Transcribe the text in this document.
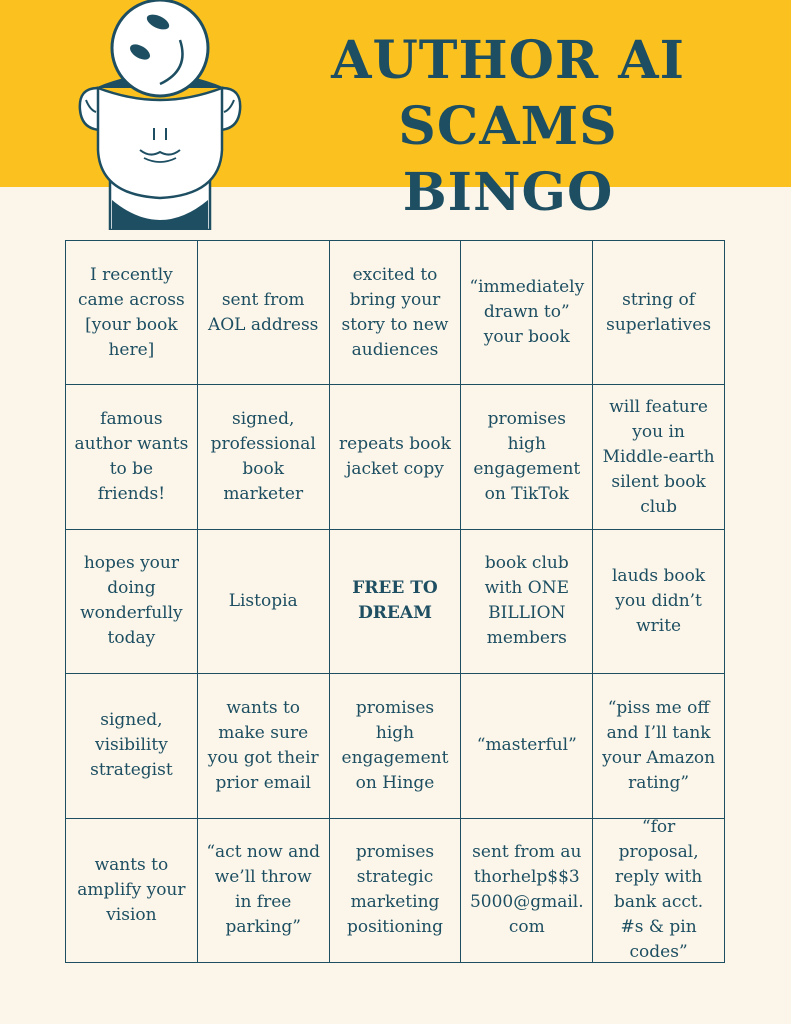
AUTHOR AI SCAMS
BINGO
I recently came across [your book here]
sent from AOL address
excited to bring your story to new audiences
“immediately drawn to” your book
string of superlatives
famous author wants to be friends!
signed, professional book marketer
repeats book jacket copy
promises high engagement on TikTok
will feature you in Middle-earth silent book club
hopes your doing wonderfully today
Listopia
FREE TO DREAM
book club with ONE BILLION members
lauds book you didn’t write
signed, visibility strategist
wants to make sure you got their prior email
promises high engagement on Hinge
“masterful”
“piss me off and I’ll tank your Amazon rating”
wants to amplify your vision
“act now and we’ll throw in free parking”
promises strategic marketing positioning
sent from authorhelp$$35000@gmail.com
“for proposal, reply with bank acct. #s & pin codes”
